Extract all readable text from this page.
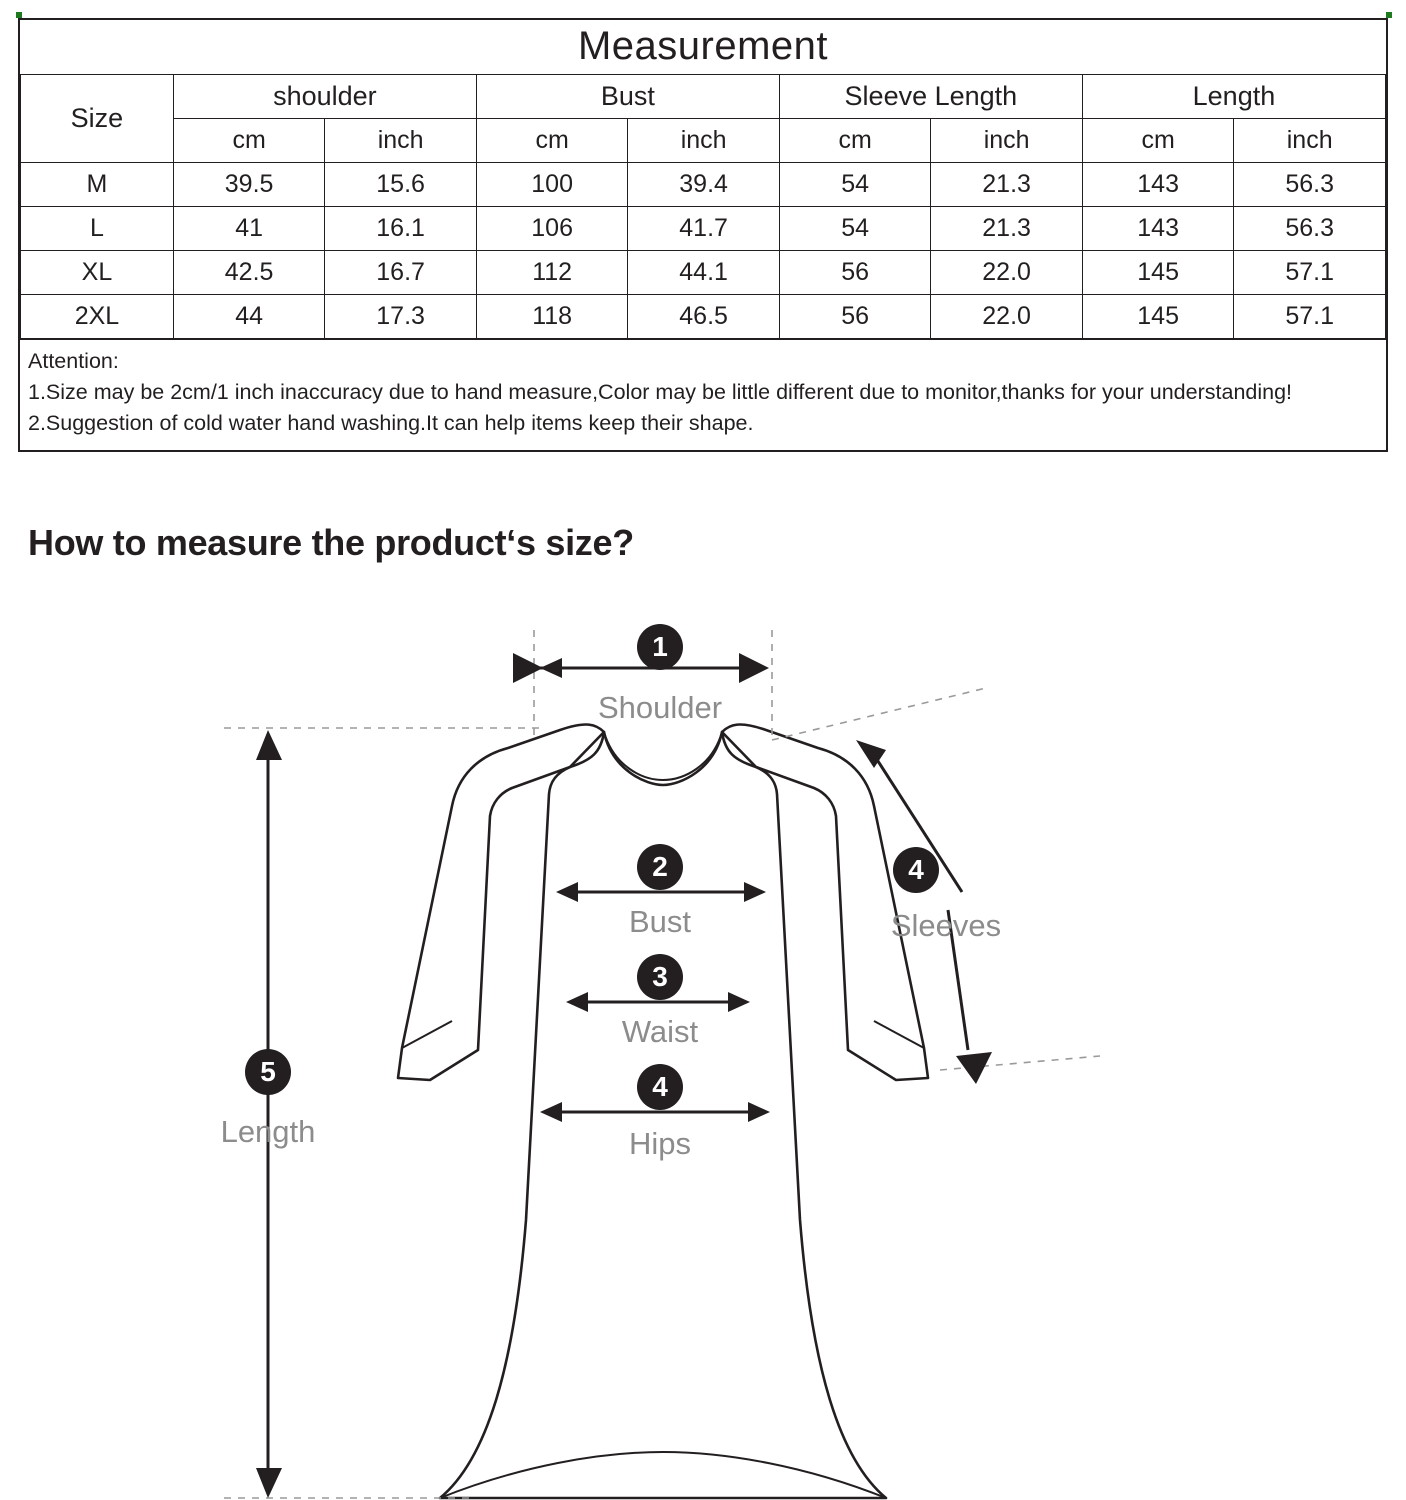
Measurement
Size	shoulder		Bust		Sleeve Length		Length	
	cm	inch	cm	inch	cm	inch	cm	inch
M	39.5	15.6	100	39.4	54	21.3	143	56.3
L	41	16.1	106	41.7	54	21.3	143	56.3
XL	42.5	16.7	112	44.1	56	22.0	145	57.1
2XL	44	17.3	118	46.5	56	22.0	145	57.1
Attention:
1.Size may be 2cm/1 inch inaccuracy due to hand measure,Color may be little different due to monitor,thanks for your understanding!
2.Suggestion of cold water hand washing.It can help items keep their shape.
How to measure the product‘s size?
1
Shoulder
2
Bust
3
Waist
4
Hips
4
Sleeves
5
Length
